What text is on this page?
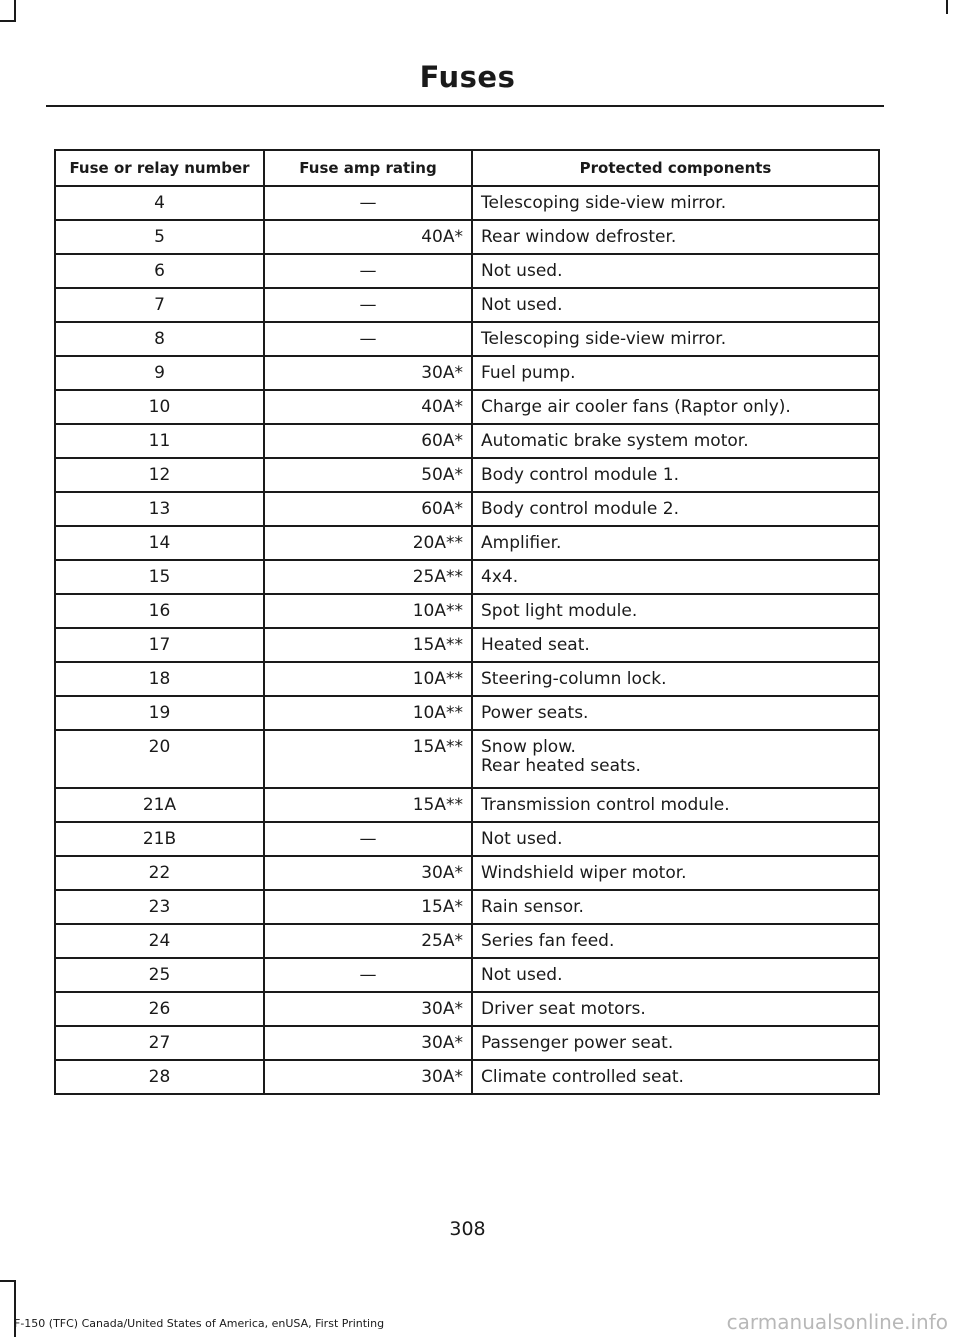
Fuses
Fuse or relay number	Fuse amp rating	Protected components
4	—	Telescoping side-view mirror.

5	40A*	Rear window defroster.

6	—	Not used.

7	—	Not used.

8	—	Telescoping side-view mirror.

9	30A*	Fuel pump.

10	40A*	Charge air cooler fans (Raptor only).

11	60A*	Automatic brake system motor.

12	50A*	Body control module 1.

13	60A*	Body control module 2.

14	20A**	Amplifier.

15	25A**	4x4.

16	10A**	Spot light module.

17	15A**	Heated seat.

18	10A**	Steering-column lock.

19	10A**	Power seats.

20	15A**	Snow plow.
Rear heated seats.

21A	15A**	Transmission control module.

21B	—	Not used.

22	30A*	Windshield wiper motor.

23	15A*	Rain sensor.

24	25A*	Series fan feed.

25	—	Not used.

26	30A*	Driver seat motors.

27	30A*	Passenger power seat.

28	30A*	Climate controlled seat.
308
F-150 (TFC) Canada/United States of America, enUSA, First Printing	carmanualsonline.info
